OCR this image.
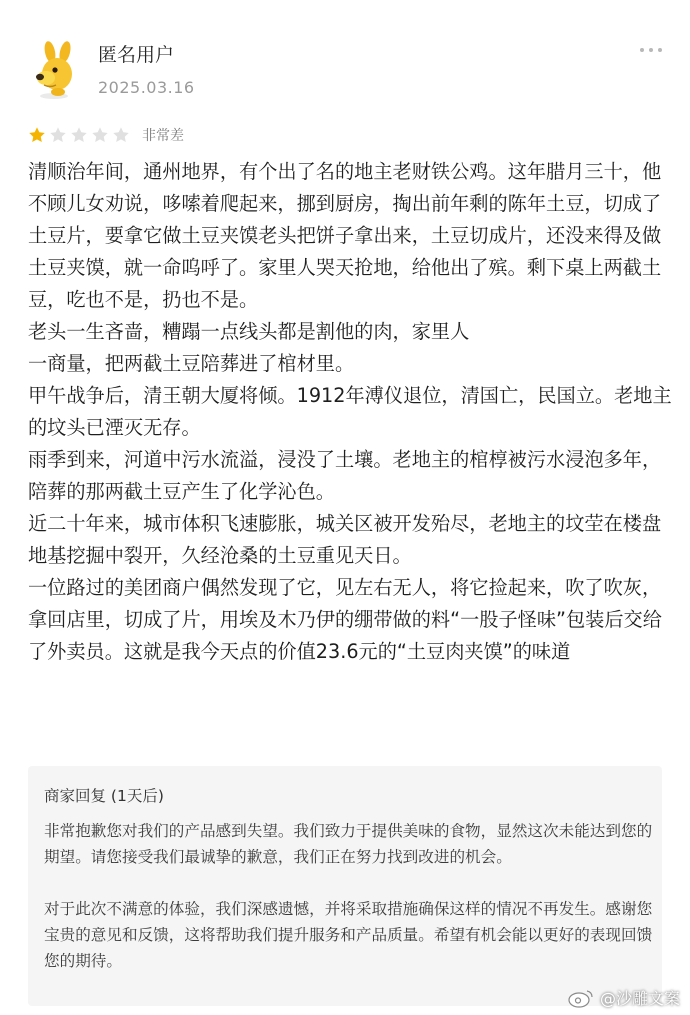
匿名用户
2025.03.16
非常差

清顺治年间，通州地界，有个出了名的地主老财铁公鸡。这年腊月三十，他不顾儿女劝说，哆嗦着爬起来，挪到厨房，掏出前年剩的陈年土豆，切成了土豆片，要拿它做土豆夹馍老头把饼子拿出来，土豆切成片，还没来得及做土豆夹馍，就一命呜呼了。家里人哭天抢地，给他出了殡。剩下桌上两截土豆，吃也不是，扔也不是。

老头一生吝啬，糟蹋一点线头都是割他的肉，家里人

一商量，把两截土豆陪葬进了棺材里。

甲午战争后，清王朝大厦将倾。1912年溥仪退位，清国亡，民国立。老地主的坟头已湮灭无存。

雨季到来，河道中污水流溢，浸没了土壤。老地主的棺椁被污水浸泡多年，陪葬的那两截土豆产生了化学沁色。

近二十年来，城市体积飞速膨胀，城关区被开发殆尽，老地主的坟茔在楼盘地基挖掘中裂开，久经沧桑的土豆重见天日。

一位路过的美团商户偶然发现了它，见左右无人，将它捡起来，吹了吹灰，拿回店里，切成了片，用埃及木乃伊的绷带做的料“一股子怪味”包装后交给了外卖员。这就是我今天点的价值23.6元的“土豆肉夹馍”的味道

商家回复 (1天后)

非常抱歉您对我们的产品感到失望。我们致力于提供美味的食物，显然这次未能达到您的期望。请您接受我们最诚挚的歉意，我们正在努力找到改进的机会。

对于此次不满意的体验，我们深感遗憾，并将采取措施确保这样的情况不再发生。感谢您宝贵的意见和反馈，这将帮助我们提升服务和产品质量。希望有机会能以更好的表现回馈您的期待。

@沙雕文案
